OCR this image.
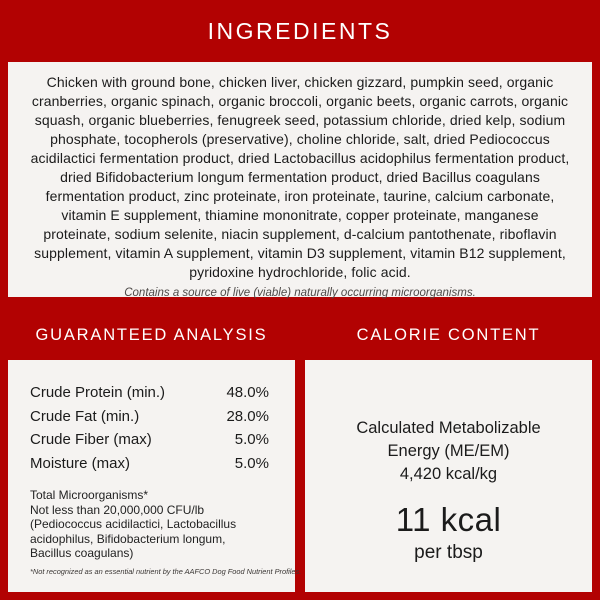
INGREDIENTS

Chicken with ground bone, chicken liver, chicken gizzard, pumpkin seed, organic cranberries, organic spinach, organic broccoli, organic beets, organic carrots, organic squash, organic blueberries, fenugreek seed, potassium chloride, dried kelp, sodium phosphate, tocopherols (preservative), choline chloride, salt, dried Pediococcus acidilactici fermentation product, dried Lactobacillus acidophilus fermentation product, dried Bifidobacterium longum fermentation product, dried Bacillus coagulans fermentation product, zinc proteinate, iron proteinate, taurine, calcium carbonate, vitamin E supplement, thiamine mononitrate, copper proteinate, manganese proteinate, sodium selenite, niacin supplement, d-calcium pantothenate, riboflavin supplement, vitamin A supplement, vitamin D3 supplement, vitamin B12 supplement, pyridoxine hydrochloride, folic acid.

Contains a source of live (viable) naturally occurring microorganisms.

GUARANTEED ANALYSIS	CALORIE CONTENT
Crude Protein (min.)	48.0%
Crude Fat (min.)	28.0%
Crude Fiber (max)	5.0%
Moisture (max)	5.0%
Total Microorganisms*
Not less than 20,000,000 CFU/lb (Pediococcus acidilactici, Lactobacillus acidophilus, Bifidobacterium longum, Bacillus coagulans)
*Not recognized as an essential nutrient by the AAFCO Dog Food Nutrient Profiles.
Calculated Metabolizable Energy (ME/EM)
4,420 kcal/kg
11 kcal
per tbsp
